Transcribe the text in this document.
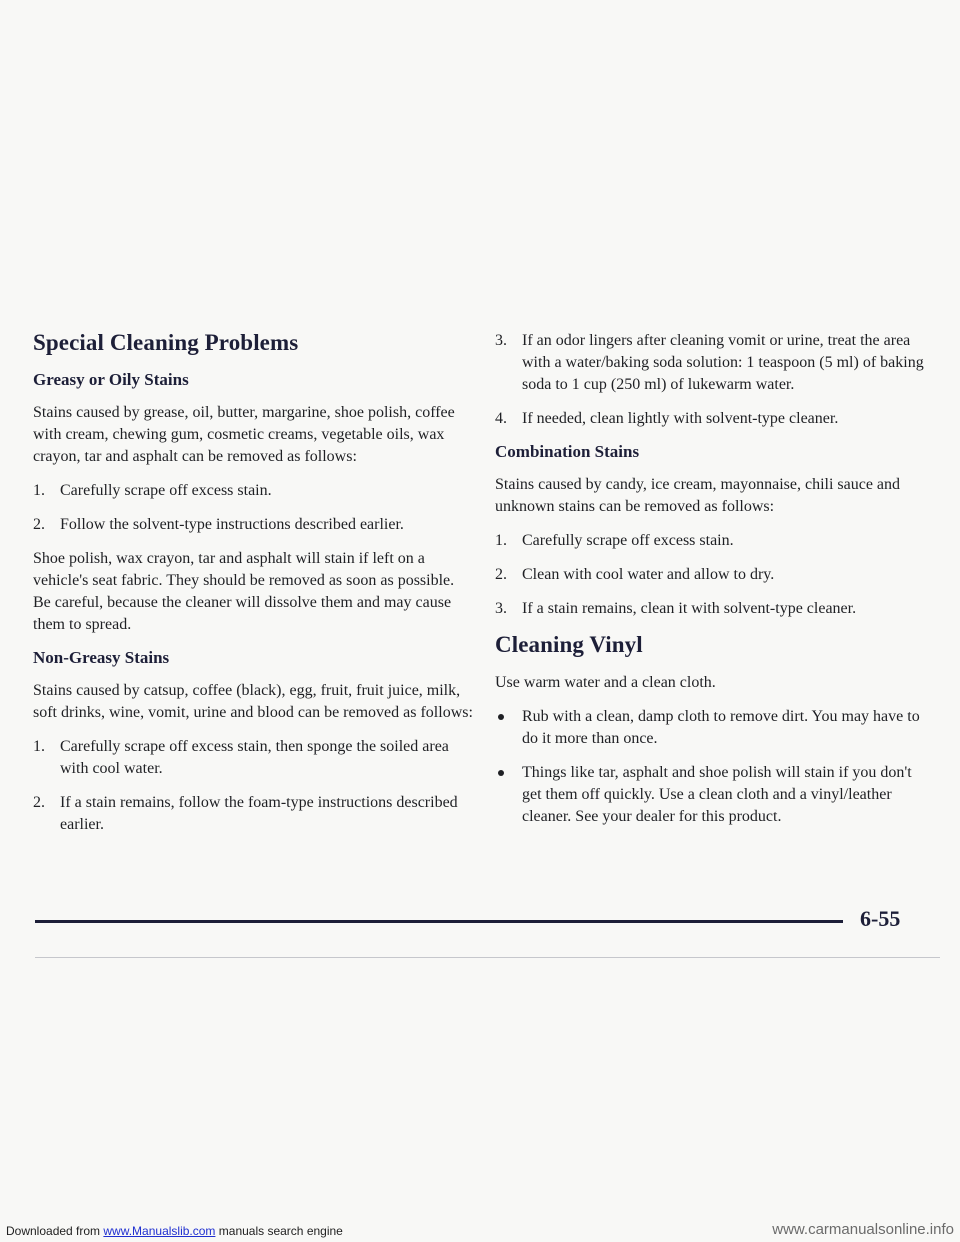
Special Cleaning Problems
Greasy or Oily Stains

Stains caused by grease, oil, butter, margarine, shoe polish, coffee with cream, chewing gum, cosmetic creams, vegetable oils, wax crayon, tar and asphalt can be removed as follows:

1. Carefully scrape off excess stain.
2. Follow the solvent-type instructions described earlier.

Shoe polish, wax crayon, tar and asphalt will stain if left on a vehicle's seat fabric. They should be removed as soon as possible. Be careful, because the cleaner will dissolve them and may cause them to spread.

Non-Greasy Stains

Stains caused by catsup, coffee (black), egg, fruit, fruit juice, milk, soft drinks, wine, vomit, urine and blood can be removed as follows:

1. Carefully scrape off excess stain, then sponge the soiled area with cool water.
2. If a stain remains, follow the foam-type instructions described earlier.
3. If an odor lingers after cleaning vomit or urine, treat the area with a water/baking soda solution: 1 teaspoon (5 ml) of baking soda to 1 cup (250 ml) of lukewarm water.
4. If needed, clean lightly with solvent-type cleaner.
Combination Stains

Stains caused by candy, ice cream, mayonnaise, chili sauce and unknown stains can be removed as follows:

1. Carefully scrape off excess stain.
2. Clean with cool water and allow to dry.
3. If a stain remains, clean it with solvent-type cleaner.
Cleaning Vinyl

Use warm water and a clean cloth.

Rub with a clean, damp cloth to remove dirt. You may have to do it more than once.
Things like tar, asphalt and shoe polish will stain if you don't get them off quickly. Use a clean cloth and a vinyl/leather cleaner. See your dealer for this product.
6-55
Downloaded from www.Manualslib.com manuals search engine	www.carmanualsonline.info
